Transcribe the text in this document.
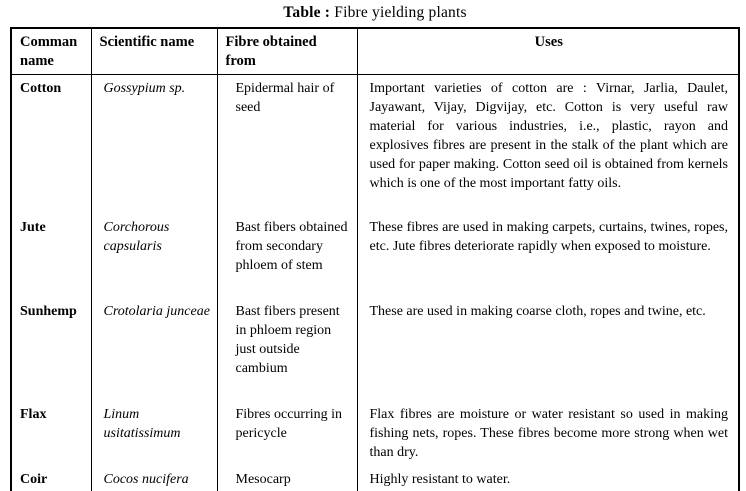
Table : Fibre yielding plants
Comman name	Scientific name	Fibre obtained from	Uses
Cotton	Gossypium sp.	Epidermal hair of seed	Important varieties of cotton are : Virnar, Jarlia, Daulet, Jayawant, Vijay, Digvijay, etc. Cotton is very useful raw material for various industries, i.e., plastic, rayon and explosives fibres are present in the stalk of the plant which are used for paper making. Cotton seed oil is obtained from kernels which is one of the most important fatty oils.
Jute	Corchorous capsularis	Bast fibers obtained from secondary phloem of stem	These fibres are used in making carpets, curtains, twines, ropes, etc. Jute fibres deteriorate rapidly when exposed to moisture.
Sunhemp	Crotolaria junceae	Bast fibers present in phloem region just outside cambium	These are used in making coarse cloth, ropes and twine, etc.
Flax	Linum usitatissimum	Fibres occurring in pericycle	Flax fibres are moisture or water resistant so used in making fishing nets, ropes. These fibres become more strong when wet than dry.
Coir	Cocos nucifera	Mesocarp	Highly resistant to water.
